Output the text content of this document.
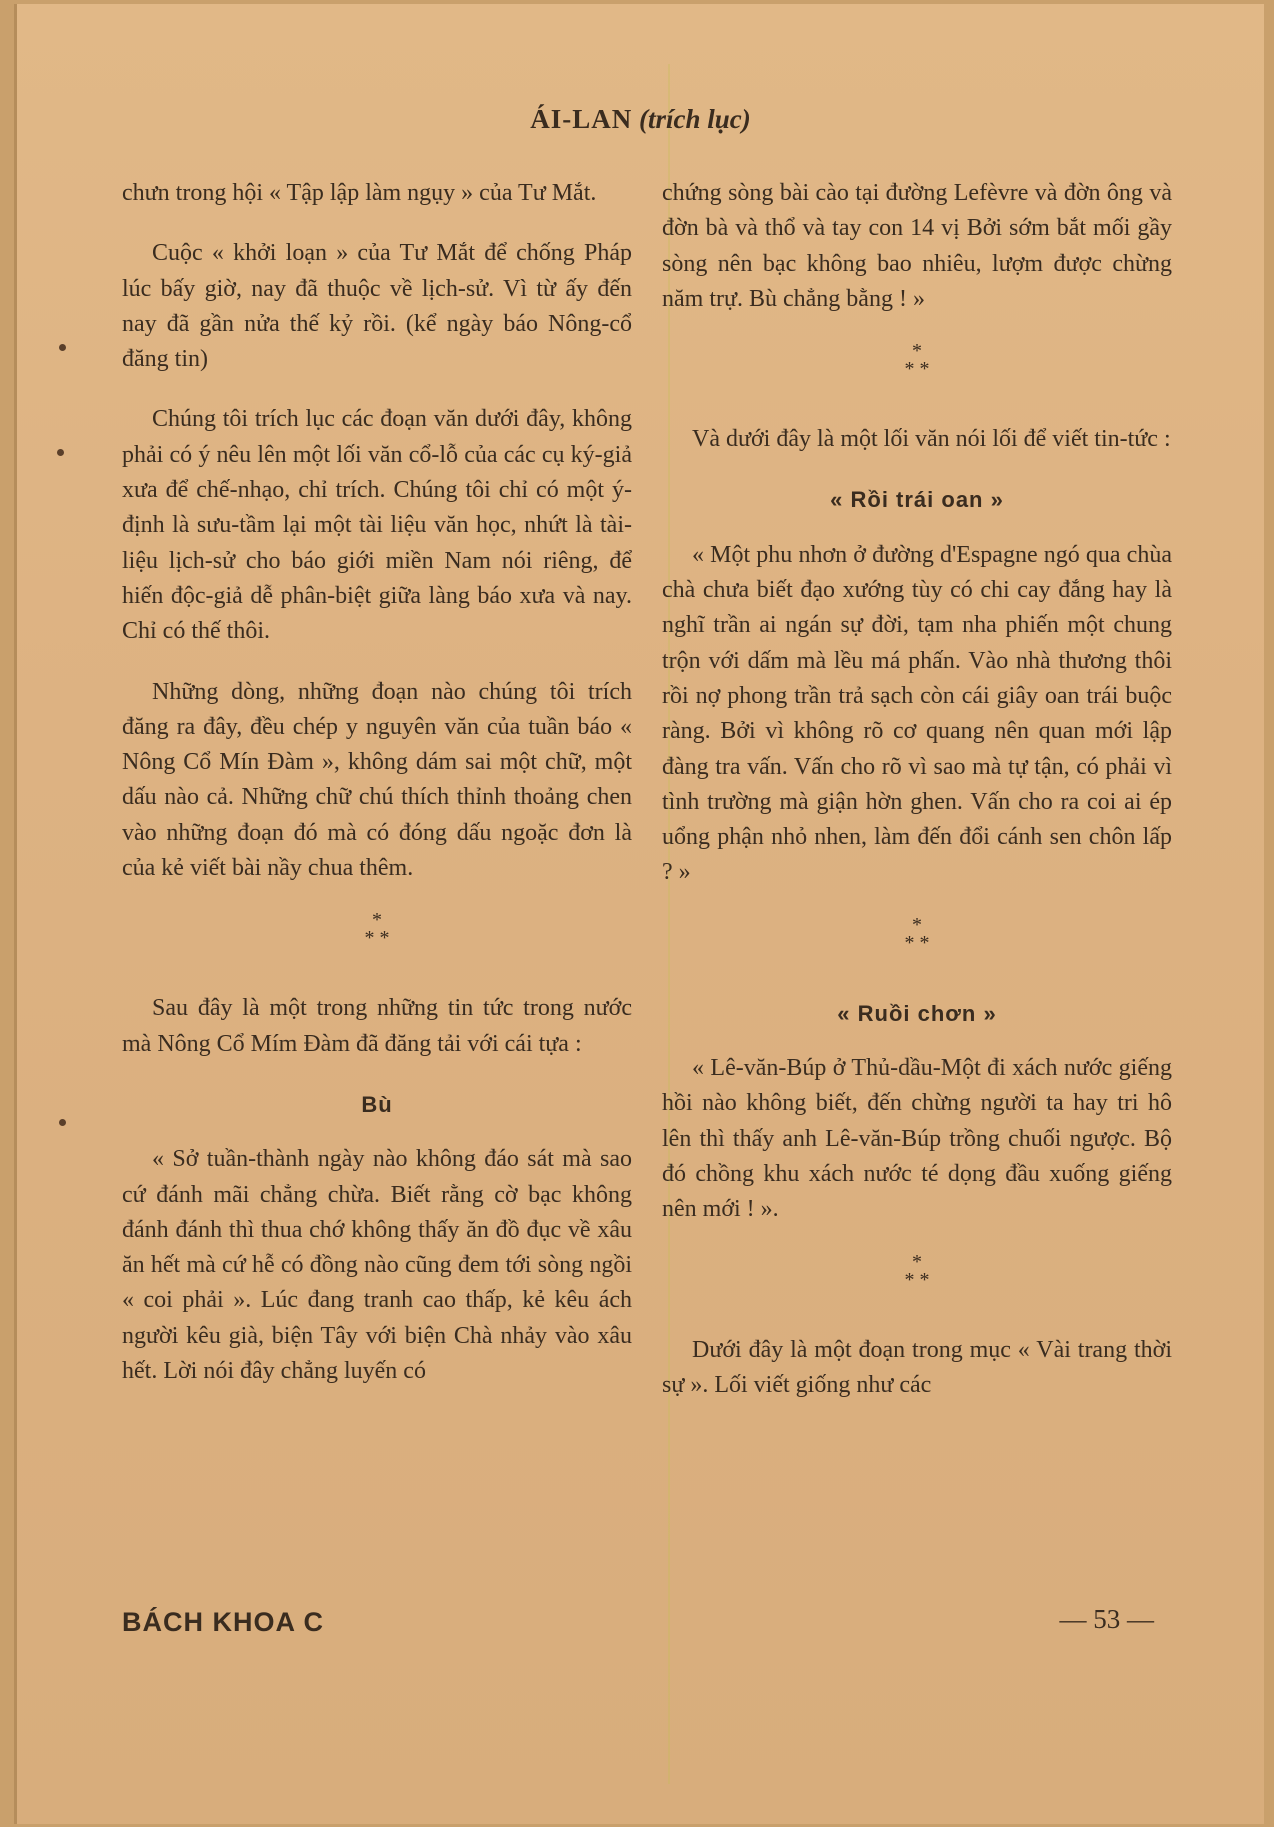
ÁI-LAN (trích lục)

chưn trong hội « Tập lập làm ngụy » của Tư Mắt.

Cuộc « khởi loạn » của Tư Mắt để chống Pháp lúc bấy giờ, nay đã thuộc về lịch-sử. Vì từ ấy đến nay đã gần nửa thế kỷ rồi. (kể ngày báo Nông-cổ đăng tin)

Chúng tôi trích lục các đoạn văn dưới đây, không phải có ý nêu lên một lối văn cổ-lỗ của các cụ ký-giả xưa để chế-nhạo, chỉ trích. Chúng tôi chỉ có một ý-định là sưu-tầm lại một tài liệu văn học, nhứt là tài-liệu lịch-sử cho báo giới miền Nam nói riêng, để hiến độc-giả dễ phân-biệt giữa làng báo xưa và nay. Chỉ có thế thôi.

Những dòng, những đoạn nào chúng tôi trích đăng ra đây, đều chép y nguyên văn của tuần báo « Nông Cổ Mín Đàm », không dám sai một chữ, một dấu nào cả. Những chữ chú thích thỉnh thoảng chen vào những đoạn đó mà có đóng dấu ngoặc đơn là của kẻ viết bài nầy chua thêm.

*
* *

Sau đây là một trong những tin tức trong nước mà Nông Cổ Mím Đàm đã đăng tải với cái tựa :

Bù

« Sở tuần-thành ngày nào không đáo sát mà sao cứ đánh mãi chẳng chừa. Biết rằng cờ bạc không đánh đánh thì thua chớ không thấy ăn đồ đục về xâu ăn hết mà cứ hễ có đồng nào cũng đem tới sòng ngồi « coi phải ». Lúc đang tranh cao thấp, kẻ kêu ách người kêu già, biện Tây với biện Chà nhảy vào xâu hết. Lời nói đây chẳng luyến có

chứng sòng bài cào tại đường Lefèvre và đờn ông và đờn bà và thổ và tay con 14 vị Bởi sớm bắt mối gầy sòng nên bạc không bao nhiêu, lượm được chừng năm trự. Bù chẳng bằng ! »

*
* *

Và dưới đây là một lối văn nói lối để viết tin-tức :

« Rồi trái oan »

« Một phu nhơn ở đường d'Espagne ngó qua chùa chà chưa biết đạo xướng tùy có chi cay đắng hay là nghĩ trần ai ngán sự đời, tạm nha phiến một chung trộn với dấm mà lều má phấn. Vào nhà thương thôi rồi nợ phong trần trả sạch còn cái giây oan trái buộc ràng. Bởi vì không rõ cơ quang nên quan mới lập đàng tra vấn. Vấn cho rõ vì sao mà tự tận, có phải vì tình trường mà giận hờn ghen. Vấn cho ra coi ai ép uổng phận nhỏ nhen, làm đến đổi cánh sen chôn lấp ? »

*
* *
« Ruồi chơn »

« Lê-văn-Búp ở Thủ-dầu-Một đi xách nước giếng hồi nào không biết, đến chừng người ta hay tri hô lên thì thấy anh Lê-văn-Búp trồng chuối ngược. Bộ đó chồng khu xách nước té dọng đầu xuống giếng nên mới ! ».

*
* *

Dưới đây là một đoạn trong mục « Vài trang thời sự ». Lối viết giống như các

BÁCH KHOA C	— 53 —
